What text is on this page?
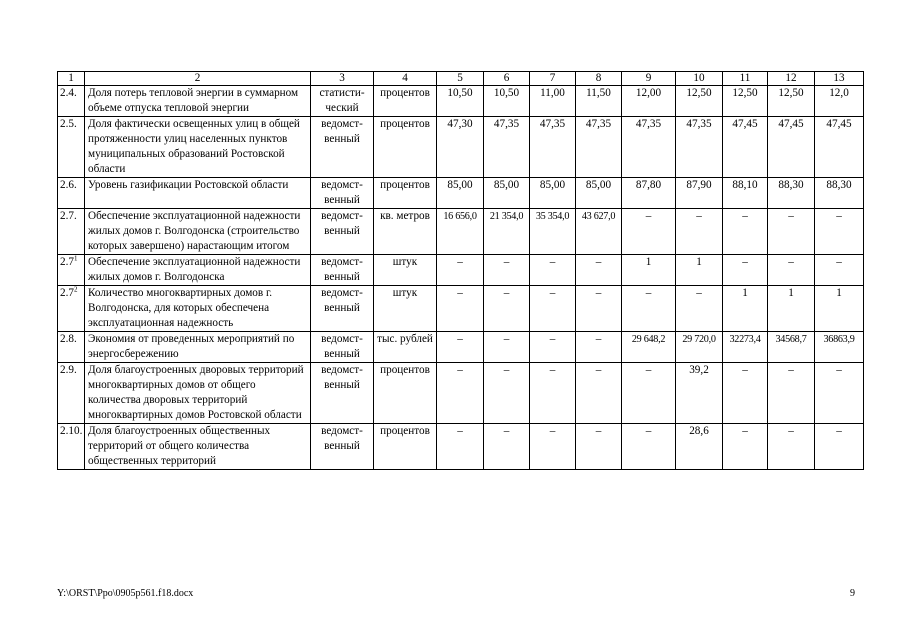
1	2	3	4	5	6	7	8	9	10	11	12	13
2.4.	Доля потерь тепловой энергии в суммарном объеме отпуска тепловой энергии	статисти-ческий	процентов	10,50	10,50	11,00	11,50	12,00	12,50	12,50	12,50	12,0
2.5.	Доля фактически освещенных улиц в общей протяженности улиц населенных пунктов муниципальных образований Ростовской области	ведомст-венный	процентов	47,30	47,35	47,35	47,35	47,35	47,35	47,45	47,45	47,45
2.6.	Уровень газификации Ростовской области	ведомст-венный	процентов	85,00	85,00	85,00	85,00	87,80	87,90	88,10	88,30	88,30
2.7.	Обеспечение эксплуатационной надежности жилых домов г. Волгодонска (строительство которых завершено) нарастающим итогом	ведомст-венный	кв. метров	16 656,0	21 354,0	35 354,0	43 627,0	–	–	–	–	–
$2.7^1$	Обеспечение эксплуатационной надежности жилых домов г. Волгодонска	ведомст-венный	штук	–	–	–	–	1	1	–	–	–
$2.7^2$	Количество многоквартирных домов г. Волгодонска, для которых обеспечена эксплуатационная надежность	ведомст-венный	штук	–	–	–	–	–	–	1	1	1
2.8.	Экономия от проведенных мероприятий по энергосбережению	ведомст-венный	тыс. рублей	–	–	–	–	29 648,2	29 720,0	32273,4	34568,7	36863,9
2.9.	Доля благоустроенных дворовых территорий многоквартирных домов от общего количества дворовых территорий многоквартирных домов Ростовской области	ведомст-венный	процентов	–	–	–	–	–	39,2	–	–	–
2.10.	Доля благоустроенных общественных территорий от общего количества общественных территорий	ведомст-венный	процентов	–	–	–	–	–	28,6	–	–	–
Y:\ORST\Ppo\0905p561.f18.docx	9
